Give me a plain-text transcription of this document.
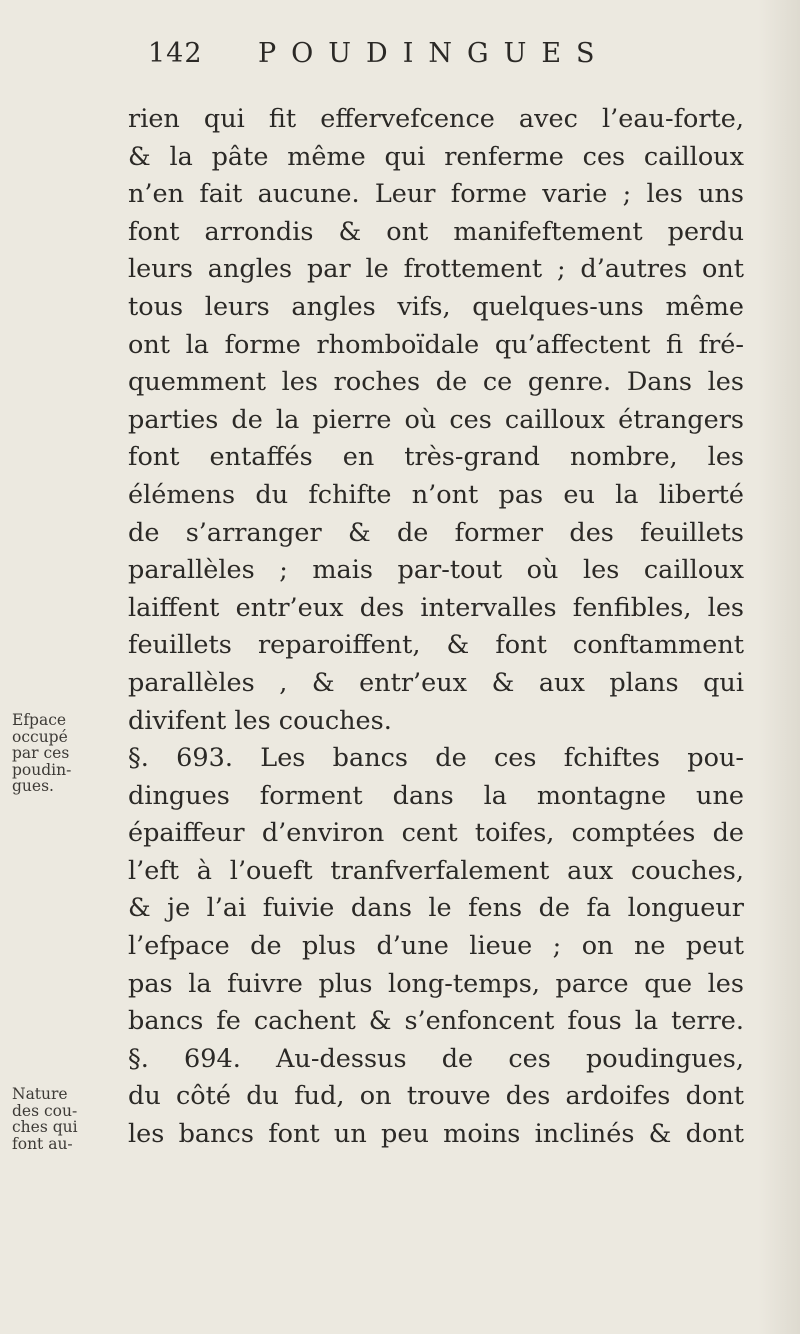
142	POUDINGUES
rien qui fit effervefcence avec l’eau-forte,
& la pâte même qui renferme ces cailloux
n’en fait aucune. Leur forme varie ; les uns
font arrondis & ont manifeftement perdu
leurs angles par le frottement ; d’autres ont
tous leurs angles vifs, quelques-uns même
ont la forme rhomboïdale qu’affectent fi fré-
quemment les roches de ce genre. Dans les
parties de la pierre où ces cailloux étrangers
font entaffés en très-grand nombre, les
élémens du fchifte n’ont pas eu la liberté
de s’arranger & de former des feuillets
parallèles ; mais par-tout où les cailloux
laiffent entr’eux des intervalles fenfibles, les
feuillets reparoiffent, & font conftamment
parallèles , & entr’eux & aux plans qui
divifent les couches.
§. 693. Les bancs de ces fchiftes pou-
dingues forment dans la montagne une
épaiffeur d’environ cent toifes, comptées de
l’eft à l’oueft tranfverfalement aux couches,
& je l’ai fuivie dans le fens de fa longueur
l’efpace de plus d’une lieue ; on ne peut
pas la fuivre plus long-temps, parce que les
bancs fe cachent & s’enfoncent fous la terre.
§. 694. Au-dessus de ces poudingues,
du côté du fud, on trouve des ardoifes dont
les bancs font un peu moins inclinés & dont
Efpace
occupé
par ces
poudin-
gues.
Nature
des cou-
ches qui
font au-
